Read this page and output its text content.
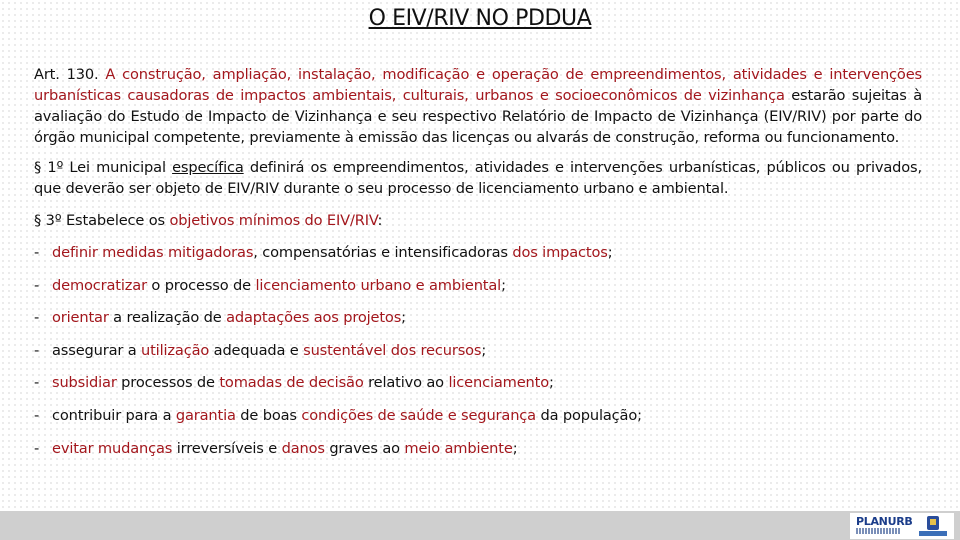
O EIV/RIV NO PDDUA

Art. 130. A construção, ampliação, instalação, modificação e operação de empreendimentos, atividades e intervenções urbanísticas causadoras de impactos ambientais, culturais, urbanos e socioeconômicos de vizinhança estarão sujeitas à avaliação do Estudo de Impacto de Vizinhança e seu respectivo Relatório de Impacto de Vizinhança (EIV/RIV) por parte do órgão municipal competente, previamente à emissão das licenças ou alvarás de construção, reforma ou funcionamento.

§ 1º Lei municipal específica definirá os empreendimentos, atividades e intervenções urbanísticas, públicos ou privados, que deverão ser objeto de EIV/RIV durante o seu processo de licenciamento urbano e ambiental.

§ 3º Estabelece os objetivos mínimos do EIV/RIV:

- definir medidas mitigadoras, compensatórias e intensificadoras dos impactos;
- democratizar o processo de licenciamento urbano e ambiental;
- orientar a realização de adaptações aos projetos;
- assegurar a utilização adequada e sustentável dos recursos;
- subsidiar processos de tomadas de decisão relativo ao licenciamento;
- contribuir para a garantia de boas condições de saúde e segurança da população;
- evitar mudanças irreversíveis e danos graves ao meio ambiente;
PLANURB
